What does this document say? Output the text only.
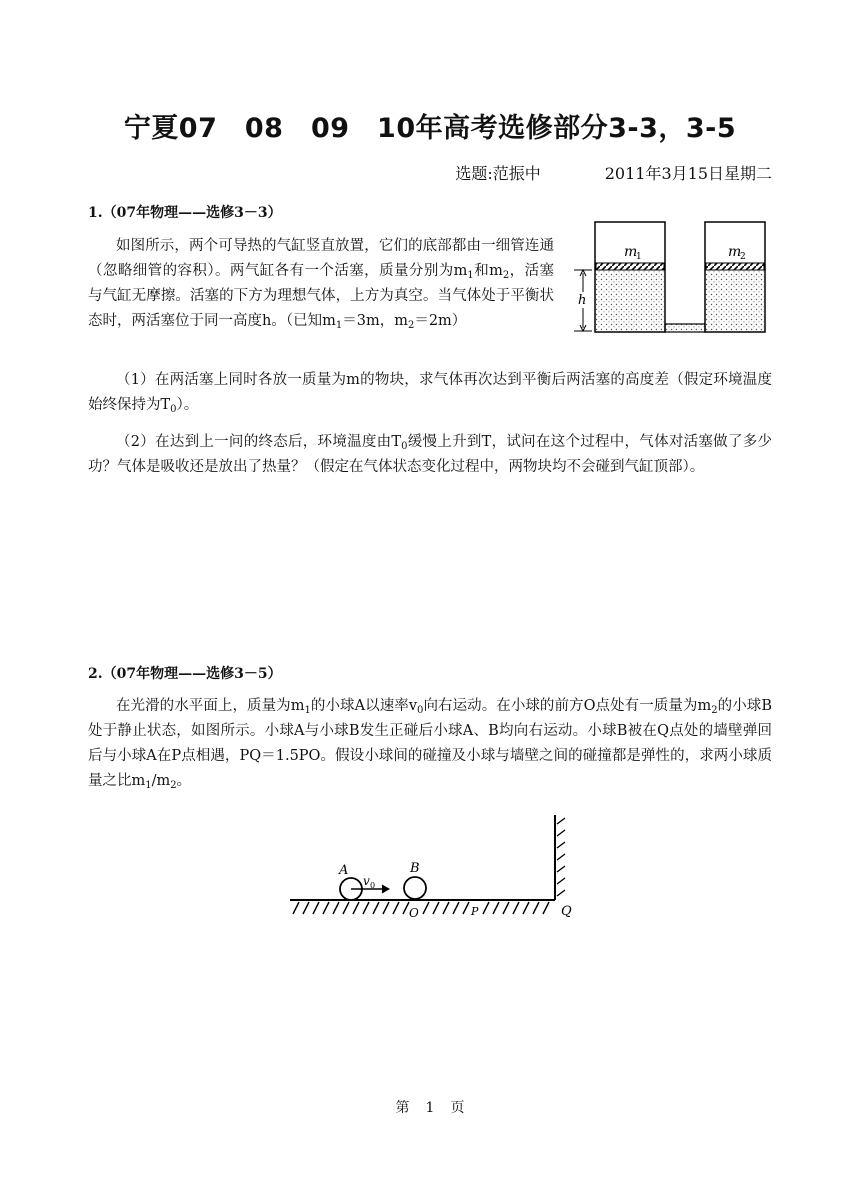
宁夏07　08　09　10年高考选修部分3-3，3-5
选题:范振中	2011年3月15日星期二
1.（07年物理——选修3－3）
如图所示，两个可导热的气缸竖直放置，它们的底部都由一细管连通（忽略细管的容积）。两气缸各有一个活塞，质量分别为$m_1$和$m_2$，活塞与气缸无摩擦。活塞的下方为理想气体，上方为真空。当气体处于平衡状态时，两活塞位于同一高度h。（已知$m_1=3m$，$m_2=2m$）
m
1	m
2
h
（1）在两活塞上同时各放一质量为m的物块，求气体再次达到平衡后两活塞的高度差（假定环境温度始终保持为$T_0$）。
（2）在达到上一问的终态后，环境温度由$T_0$缓慢上升到T，试问在这个过程中，气体对活塞做了多少功？气体是吸收还是放出了热量？（假定在气体状态变化过程中，两物块均不会碰到气缸顶部）。
2.（07年物理——选修3－5）
在光滑的水平面上，质量为$m_1$的小球A以速率$v_0$向右运动。在小球的前方O点处有一质量为$m_2$的小球B处于静止状态，如图所示。小球A与小球B发生正碰后小球A、B均向右运动。小球B被在Q点处的墙壁弹回后与小球A在P点相遇，PQ＝1.5PO。假设小球间的碰撞及小球与墙壁之间的碰撞都是弹性的，求两小球质量之比$m_1/m_2$。
A
v 0
B
O	P	Q
第 1 页
